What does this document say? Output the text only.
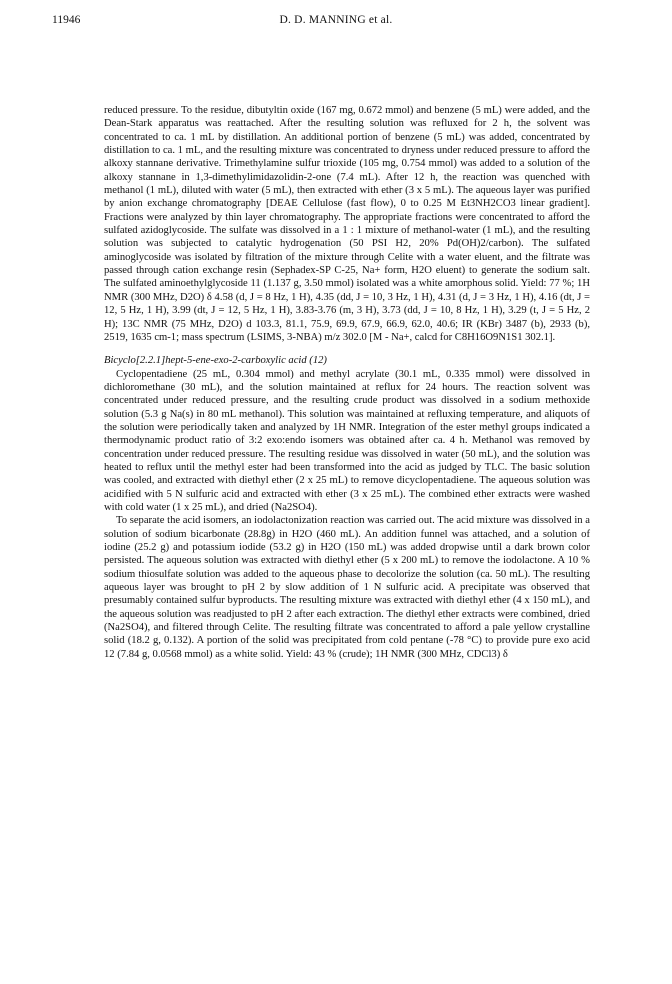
11946	D. D. MANNING et al.

reduced pressure. To the residue, dibutyltin oxide (167 mg, 0.672 mmol) and benzene (5 mL) were added, and the Dean-Stark apparatus was reattached. After the resulting solution was refluxed for 2 h, the solvent was concentrated to ca. 1 mL by distillation. An additional portion of benzene (5 mL) was added, concentrated by distillation to ca. 1 mL, and the resulting mixture was concentrated to dryness under reduced pressure to afford the alkoxy stannane derivative. Trimethylamine sulfur trioxide (105 mg, 0.754 mmol) was added to a solution of the alkoxy stannane in 1,3-dimethylimidazolidin-2-one (7.4 mL). After 12 h, the reaction was quenched with methanol (1 mL), diluted with water (5 mL), then extracted with ether (3 x 5 mL). The aqueous layer was purified by anion exchange chromatography [DEAE Cellulose (fast flow), 0 to 0.25 M Et3NH2CO3 linear gradient]. Fractions were analyzed by thin layer chromatography. The appropriate fractions were concentrated to afford the sulfated azidoglycoside. The sulfate was dissolved in a 1 : 1 mixture of methanol-water (1 mL), and the resulting solution was subjected to catalytic hydrogenation (50 PSI H2, 20% Pd(OH)2/carbon). The sulfated aminoglycoside was isolated by filtration of the mixture through Celite with a water eluent, and the filtrate was passed through cation exchange resin (Sephadex-SP C-25, Na+ form, H2O eluent) to generate the sodium salt. The sulfated aminoethylglycoside 11 (1.137 g, 3.50 mmol) isolated was a white amorphous solid. Yield: 77 %; 1H NMR (300 MHz, D2O) δ 4.58 (d, J = 8 Hz, 1 H), 4.35 (dd, J = 10, 3 Hz, 1 H), 4.31 (d, J = 3 Hz, 1 H), 4.16 (dt, J = 12, 5 Hz, 1 H), 3.99 (dt, J = 12, 5 Hz, 1 H), 3.83-3.76 (m, 3 H), 3.73 (dd, J = 10, 8 Hz, 1 H), 3.29 (t, J = 5 Hz, 2 H); 13C NMR (75 MHz, D2O) d 103.3, 81.1, 75.9, 69.9, 67.9, 66.9, 62.0, 40.6; IR (KBr) 3487 (b), 2933 (b), 2519, 1635 cm-1; mass spectrum (LSIMS, 3-NBA) m/z 302.0 [M - Na+, calcd for C8H16O9N1S1 302.1].

Bicyclo[2.2.1]hept-5-ene-exo-2-carboxylic acid (12)

Cyclopentadiene (25 mL, 0.304 mmol) and methyl acrylate (30.1 mL, 0.335 mmol) were dissolved in dichloromethane (30 mL), and the solution maintained at reflux for 24 hours. The reaction solvent was concentrated under reduced pressure, and the resulting crude product was dissolved in a sodium methoxide solution (5.3 g Na(s) in 80 mL methanol). This solution was maintained at refluxing temperature, and aliquots of the solution were periodically taken and analyzed by 1H NMR. Integration of the ester methyl groups indicated a thermodynamic product ratio of 3:2 exo:endo isomers was obtained after ca. 4 h. Methanol was removed by concentration under reduced pressure. The resulting residue was dissolved in water (50 mL), and the solution was heated to reflux until the methyl ester had been transformed into the acid as judged by TLC. The basic solution was cooled, and extracted with diethyl ether (2 x 25 mL) to remove dicyclopentadiene. The aqueous solution was acidified with 5 N sulfuric acid and extracted with ether (3 x 25 mL). The combined ether extracts were washed with cold water (1 x 25 mL), and dried (Na2SO4).

To separate the acid isomers, an iodolactonization reaction was carried out. The acid mixture was dissolved in a solution of sodium bicarbonate (28.8g) in H2O (460 mL). An addition funnel was attached, and a solution of iodine (25.2 g) and potassium iodide (53.2 g) in H2O (150 mL) was added dropwise until a dark brown color persisted. The aqueous solution was extracted with diethyl ether (5 x 200 mL) to remove the iodolactone. A 10 % sodium thiosulfate solution was added to the aqueous phase to decolorize the solution (ca. 50 mL). The resulting aqueous layer was brought to pH 2 by slow addition of 1 N sulfuric acid. A precipitate was observed that presumably contained sulfur byproducts. The resulting mixture was extracted with diethyl ether (4 x 150 mL), and the aqueous solution was readjusted to pH 2 after each extraction. The diethyl ether extracts were combined, dried (Na2SO4), and filtered through Celite. The resulting filtrate was concentrated to afford a pale yellow crystalline solid (18.2 g, 0.132). A portion of the solid was precipitated from cold pentane (-78 °C) to provide pure exo acid 12 (7.84 g, 0.0568 mmol) as a white solid. Yield: 43 % (crude); 1H NMR (300 MHz, CDCl3) δ
